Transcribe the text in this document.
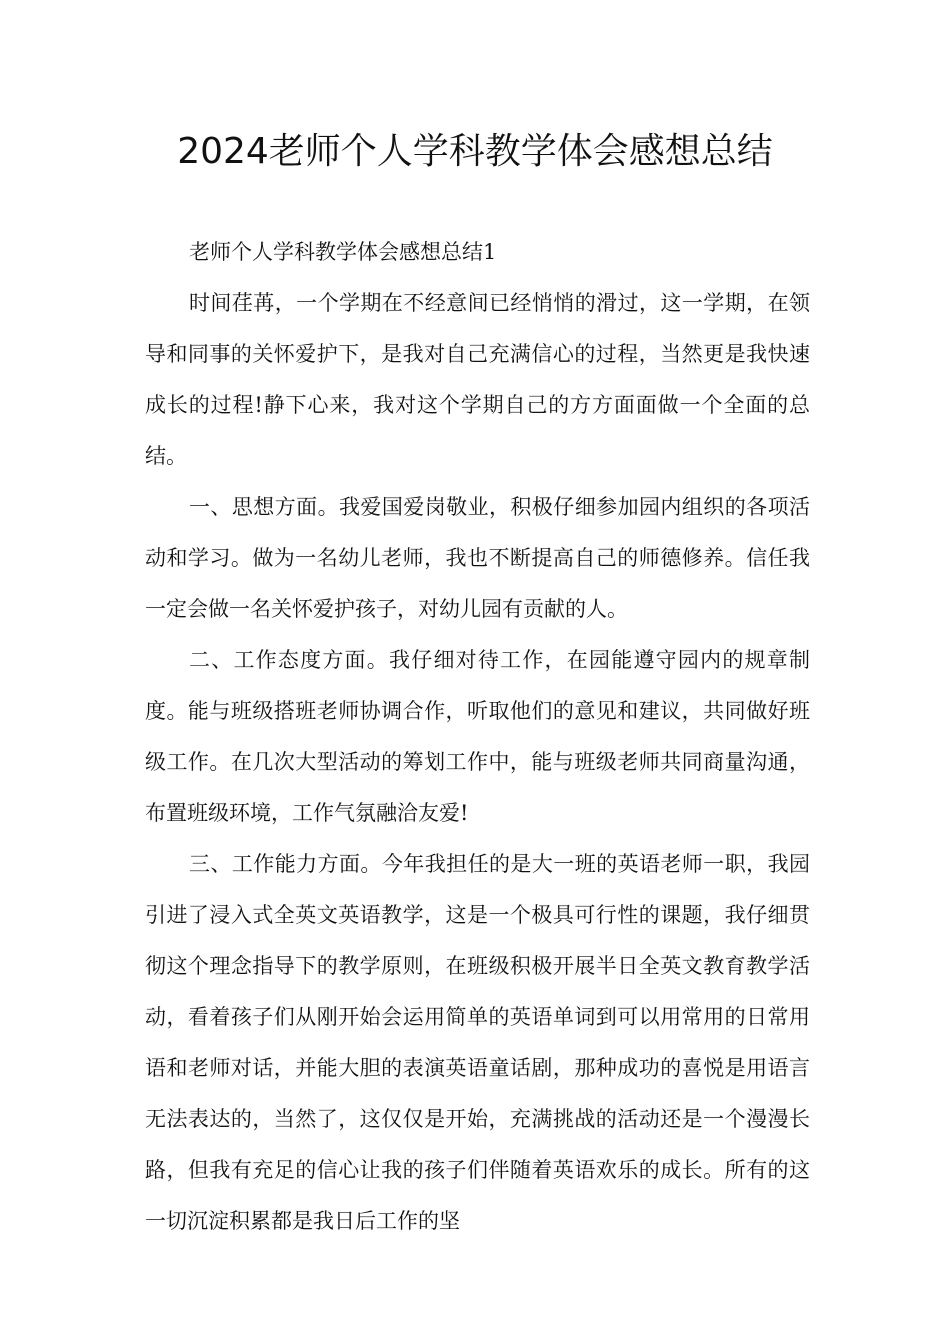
2024老师个人学科教学体会感想总结

老师个人学科教学体会感想总结1

时间荏苒，一个学期在不经意间已经悄悄的滑过，这一学期，在领导和同事的关怀爱护下，是我对自己充满信心的过程，当然更是我快速成长的过程!静下心来，我对这个学期自己的方方面面做一个全面的总结。

一、思想方面。我爱国爱岗敬业，积极仔细参加园内组织的各项活动和学习。做为一名幼儿老师，我也不断提高自己的师德修养。信任我一定会做一名关怀爱护孩子，对幼儿园有贡献的人。

二、工作态度方面。我仔细对待工作，在园能遵守园内的规章制度。能与班级搭班老师协调合作，听取他们的意见和建议，共同做好班级工作。在几次大型活动的筹划工作中，能与班级老师共同商量沟通，布置班级环境，工作气氛融洽友爱!

三、工作能力方面。今年我担任的是大一班的英语老师一职，我园引进了浸入式全英文英语教学，这是一个极具可行性的课题，我仔细贯彻这个理念指导下的教学原则，在班级积极开展半日全英文教育教学活动，看着孩子们从刚开始会运用简单的英语单词到可以用常用的日常用语和老师对话，并能大胆的表演英语童话剧，那种成功的喜悦是用语言无法表达的，当然了，这仅仅是开始，充满挑战的活动还是一个漫漫长路，但我有充足的信心让我的孩子们伴随着英语欢乐的成长。所有的这一切沉淀积累都是我日后工作的坚
